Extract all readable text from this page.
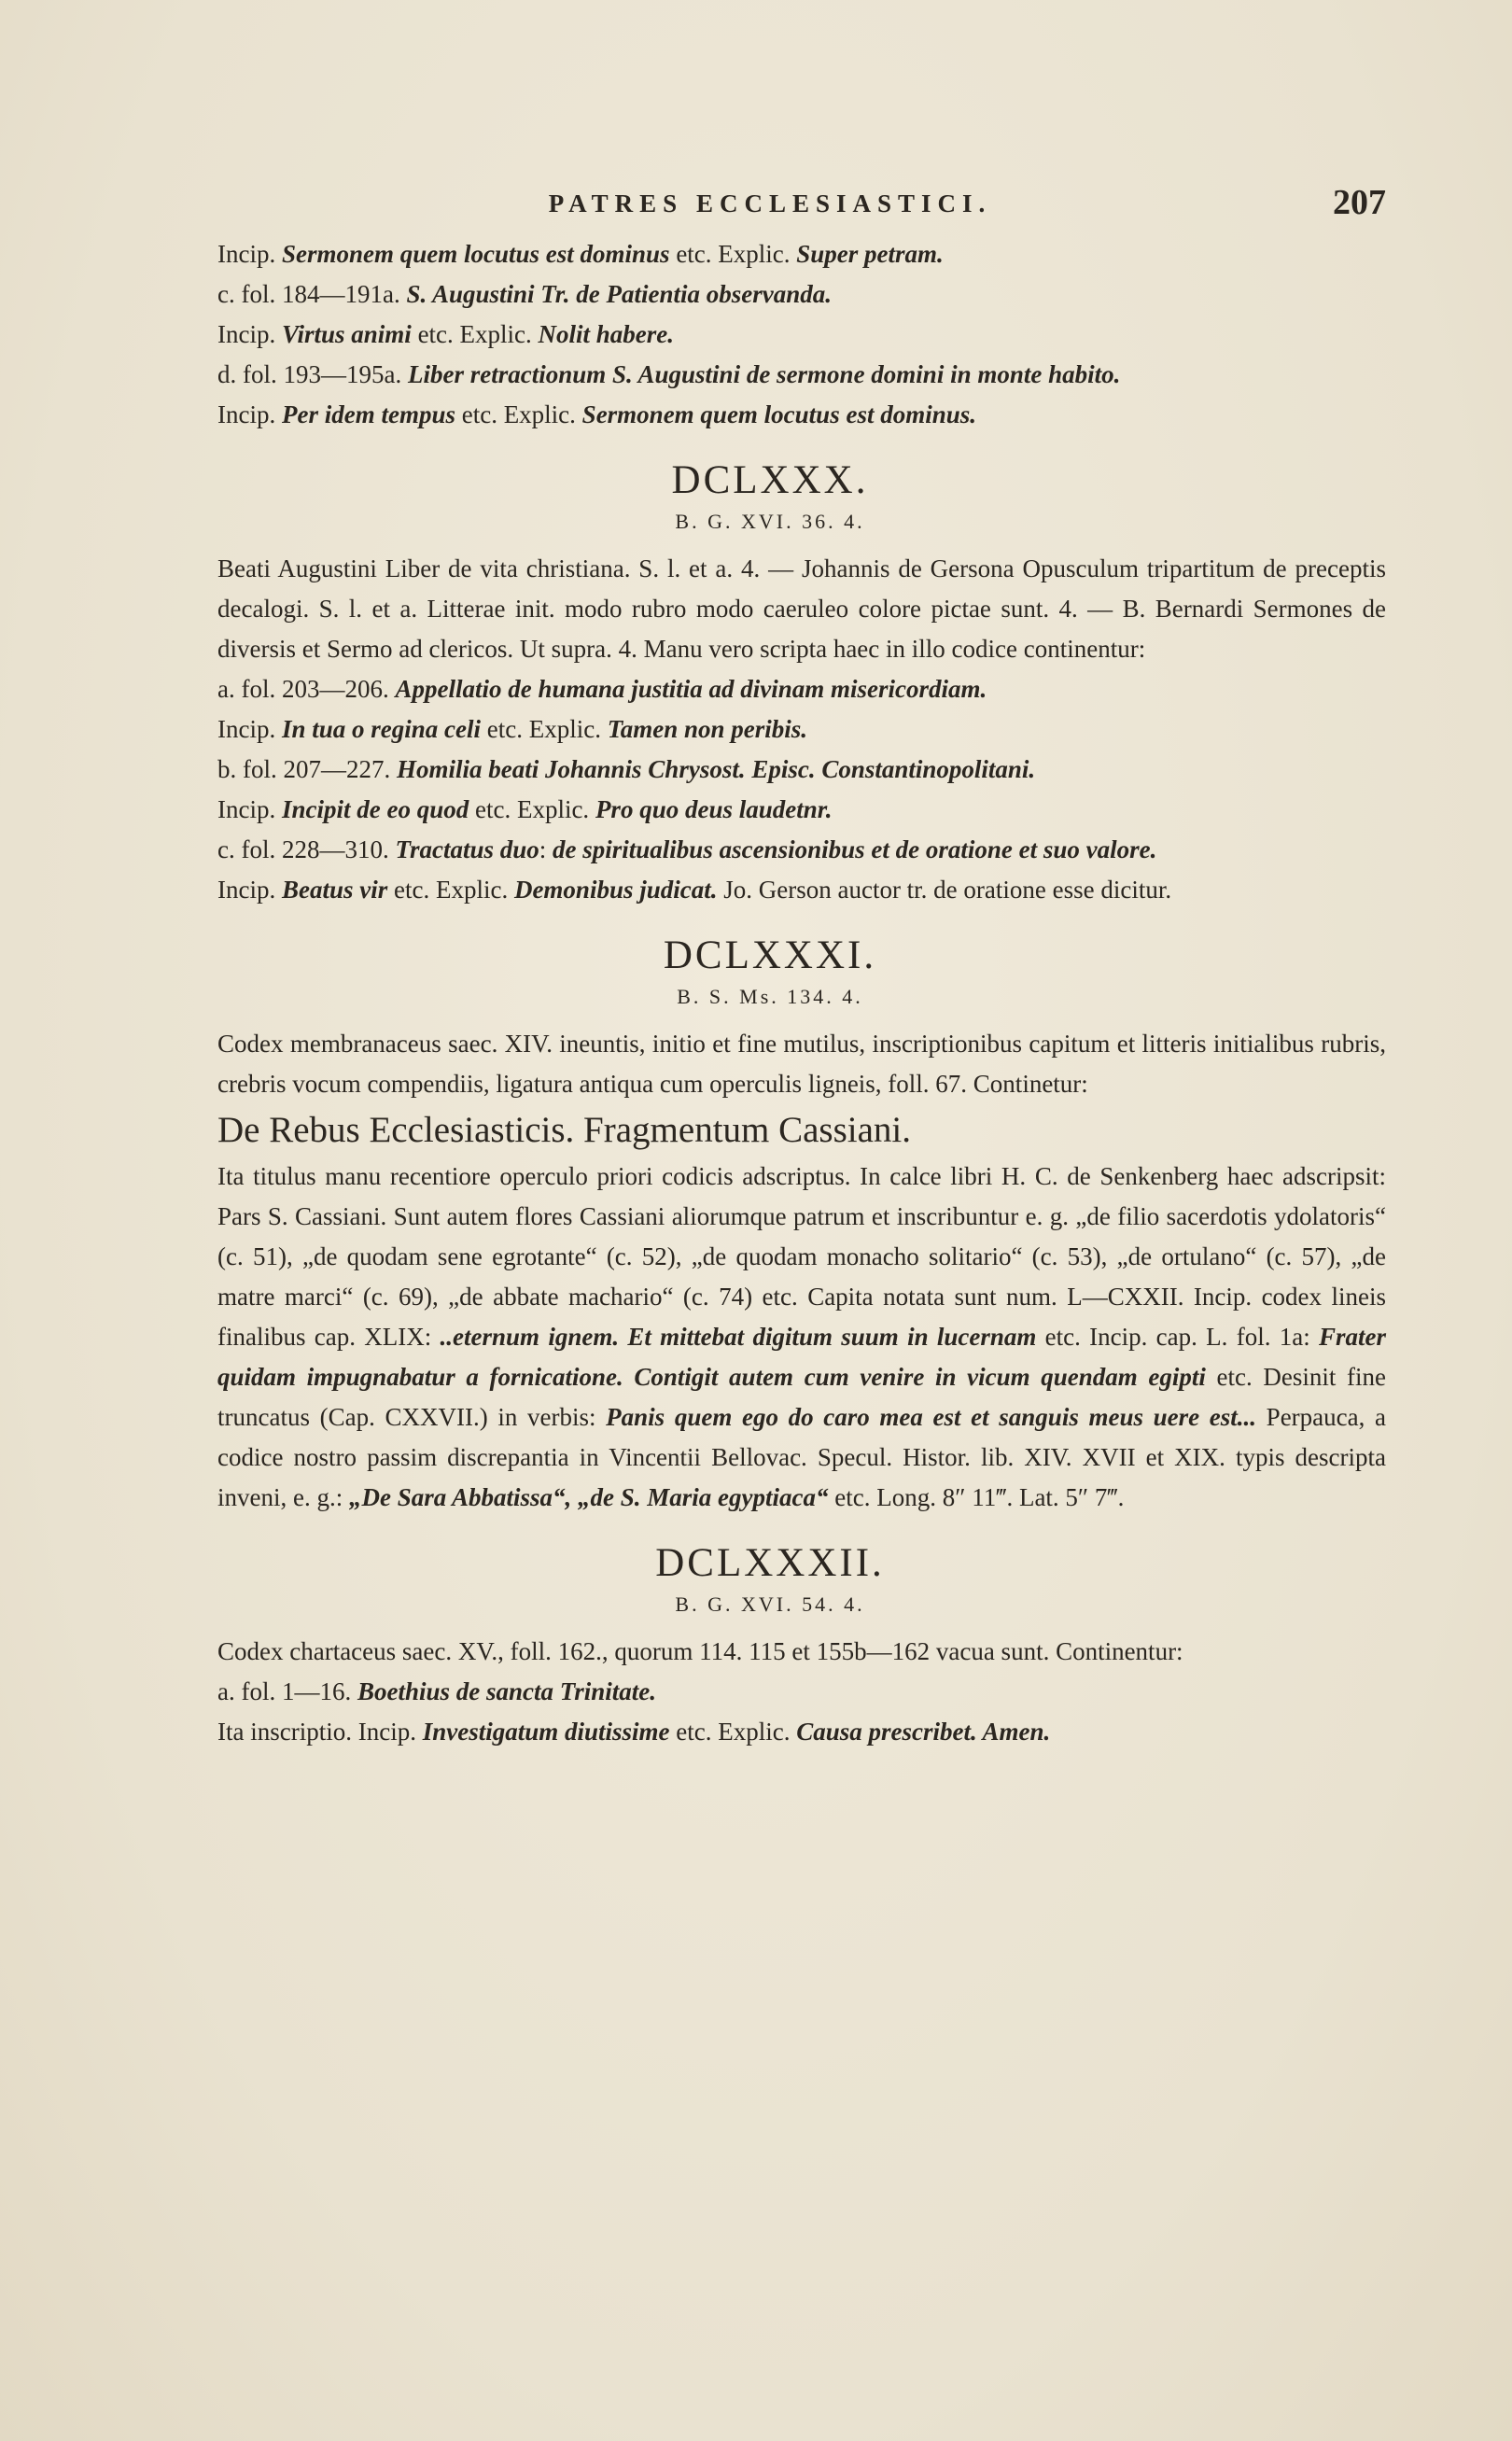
PATRES ECCLESIASTICI.	207

Incip. Sermonem quem locutus est dominus etc. Explic. Super petram.

c. fol. 184—191a. S. Augustini Tr. de Patientia observanda.

Incip. Virtus animi etc. Explic. Nolit habere.

d. fol. 193—195a. Liber retractionum S. Augustini de sermone domini in monte habito.

Incip. Per idem tempus etc. Explic. Sermonem quem locutus est dominus.

DCLXXX.
B. G. XVI. 36. 4.

Beati Augustini Liber de vita christiana. S. l. et a. 4. — Johannis de Gersona Opusculum tripartitum de preceptis decalogi. S. l. et a. Litterae init. modo rubro modo caeruleo colore pictae sunt. 4. — B. Bernardi Sermones de diversis et Sermo ad clericos. Ut supra. 4. Manu vero scripta haec in illo codice continentur:

a. fol. 203—206. Appellatio de humana justitia ad divinam misericordiam.

Incip. In tua o regina celi etc. Explic. Tamen non peribis.

b. fol. 207—227. Homilia beati Johannis Chrysost. Episc. Constantinopolitani.

Incip. Incipit de eo quod etc. Explic. Pro quo deus laudetnr.

c. fol. 228—310. Tractatus duo: de spiritualibus ascensionibus et de oratione et suo valore.

Incip. Beatus vir etc. Explic. Demonibus judicat. Jo. Gerson auctor tr. de oratione esse dicitur.

DCLXXXI.
B. S. Ms. 134. 4.

Codex membranaceus saec. XIV. ineuntis, initio et fine mutilus, inscriptionibus capitum et litteris initialibus rubris, crebris vocum compendiis, ligatura antiqua cum operculis ligneis, foll. 67. Continetur:

De Rebus Ecclesiasticis. Fragmentum Cassiani.

Ita titulus manu recentiore operculo priori codicis adscriptus. In calce libri H. C. de Senkenberg haec adscripsit: Pars S. Cassiani. Sunt autem flores Cassiani aliorumque patrum et inscribuntur e. g. „de filio sacerdotis ydolatoris“ (c. 51), „de quodam sene egrotante“ (c. 52), „de quodam monacho solitario“ (c. 53), „de ortulano“ (c. 57), „de matre marci“ (c. 69), „de abbate machario“ (c. 74) etc. Capita notata sunt num. L—CXXII. Incip. codex lineis finalibus cap. XLIX: ..eternum ignem. Et mittebat digitum suum in lucernam etc. Incip. cap. L. fol. 1a: Frater quidam impugnabatur a fornicatione. Contigit autem cum venire in vicum quendam egipti etc. Desinit fine truncatus (Cap. CXXVII.) in verbis: Panis quem ego do caro mea est et sanguis meus uere est... Perpauca, a codice nostro passim discrepantia in Vincentii Bellovac. Specul. Histor. lib. XIV. XVII et XIX. typis descripta inveni, e. g.: „De Sara Abbatissa“, „de S. Maria egyptiaca“ etc. Long. 8″ 11‴. Lat. 5″ 7‴.

DCLXXXII.
B. G. XVI. 54. 4.

Codex chartaceus saec. XV., foll. 162., quorum 114. 115 et 155b—162 vacua sunt. Continentur:

a. fol. 1—16. Boethius de sancta Trinitate.

Ita inscriptio. Incip. Investigatum diutissime etc. Explic. Causa prescribet. Amen.
